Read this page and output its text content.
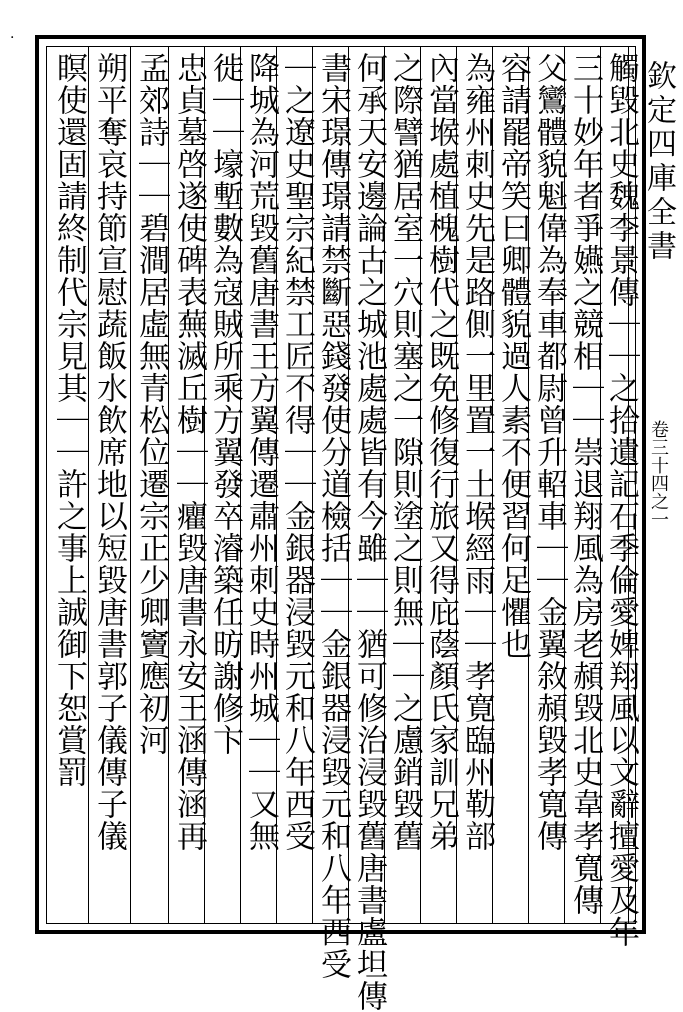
·
欽定四庫全書
卷三十四之一
觸毀北史魏李景傳｜｜之拾遺記石季倫愛婢翔風以文辭擅愛及年
三十妙年者爭嬿之競相｜｜崇退翔風為房老頳毀北史韋孝寬傳
父鸞體貌魁偉為奉車都尉曾升軺車｜｜金翼敘頳毀孝寛傳
容請罷帝笑曰卿體貌過人素不便習何足懼也
為雍州刺史先是路側一里置一土堠經雨｜｜孝寛臨州勒部
內當堠處植槐樹代之既免修復行旅又得庇蔭顏氏家訓兄弟
之際譬猶居室一穴則塞之一隙則塗之則無｜｜之慮銷毀舊
何承天安邊論古之城池處處皆有今雖｜｜猶可修治浸毀舊唐書盧坦傳
書宋璟傳璟請禁斷惡錢發使分道檢括｜｜金銀器浸毀元和八年西受
｜之遼史聖宗紀禁工匠不得｜｜金銀器浸毀元和八年西受
降城為河荒毀舊唐書王方翼傳遷肅州刺史時州城｜｜又無
徙｜｜壕塹數為寇賊所乘方翼發卒濬築任昉謝修卞
忠貞墓啓遂使碑表蕪滅丘樹｜｜癯毀唐書永安王涵傳涵再
孟郊詩｜｜碧澗居虛無青松位遷宗正少卿竇應初河
朔平奪哀持節宣慰蔬飯水飲席地以短毀唐書郭子儀傳子儀
瞑使還固請終制代宗見其｜｜許之事上誠御下恕賞罰
